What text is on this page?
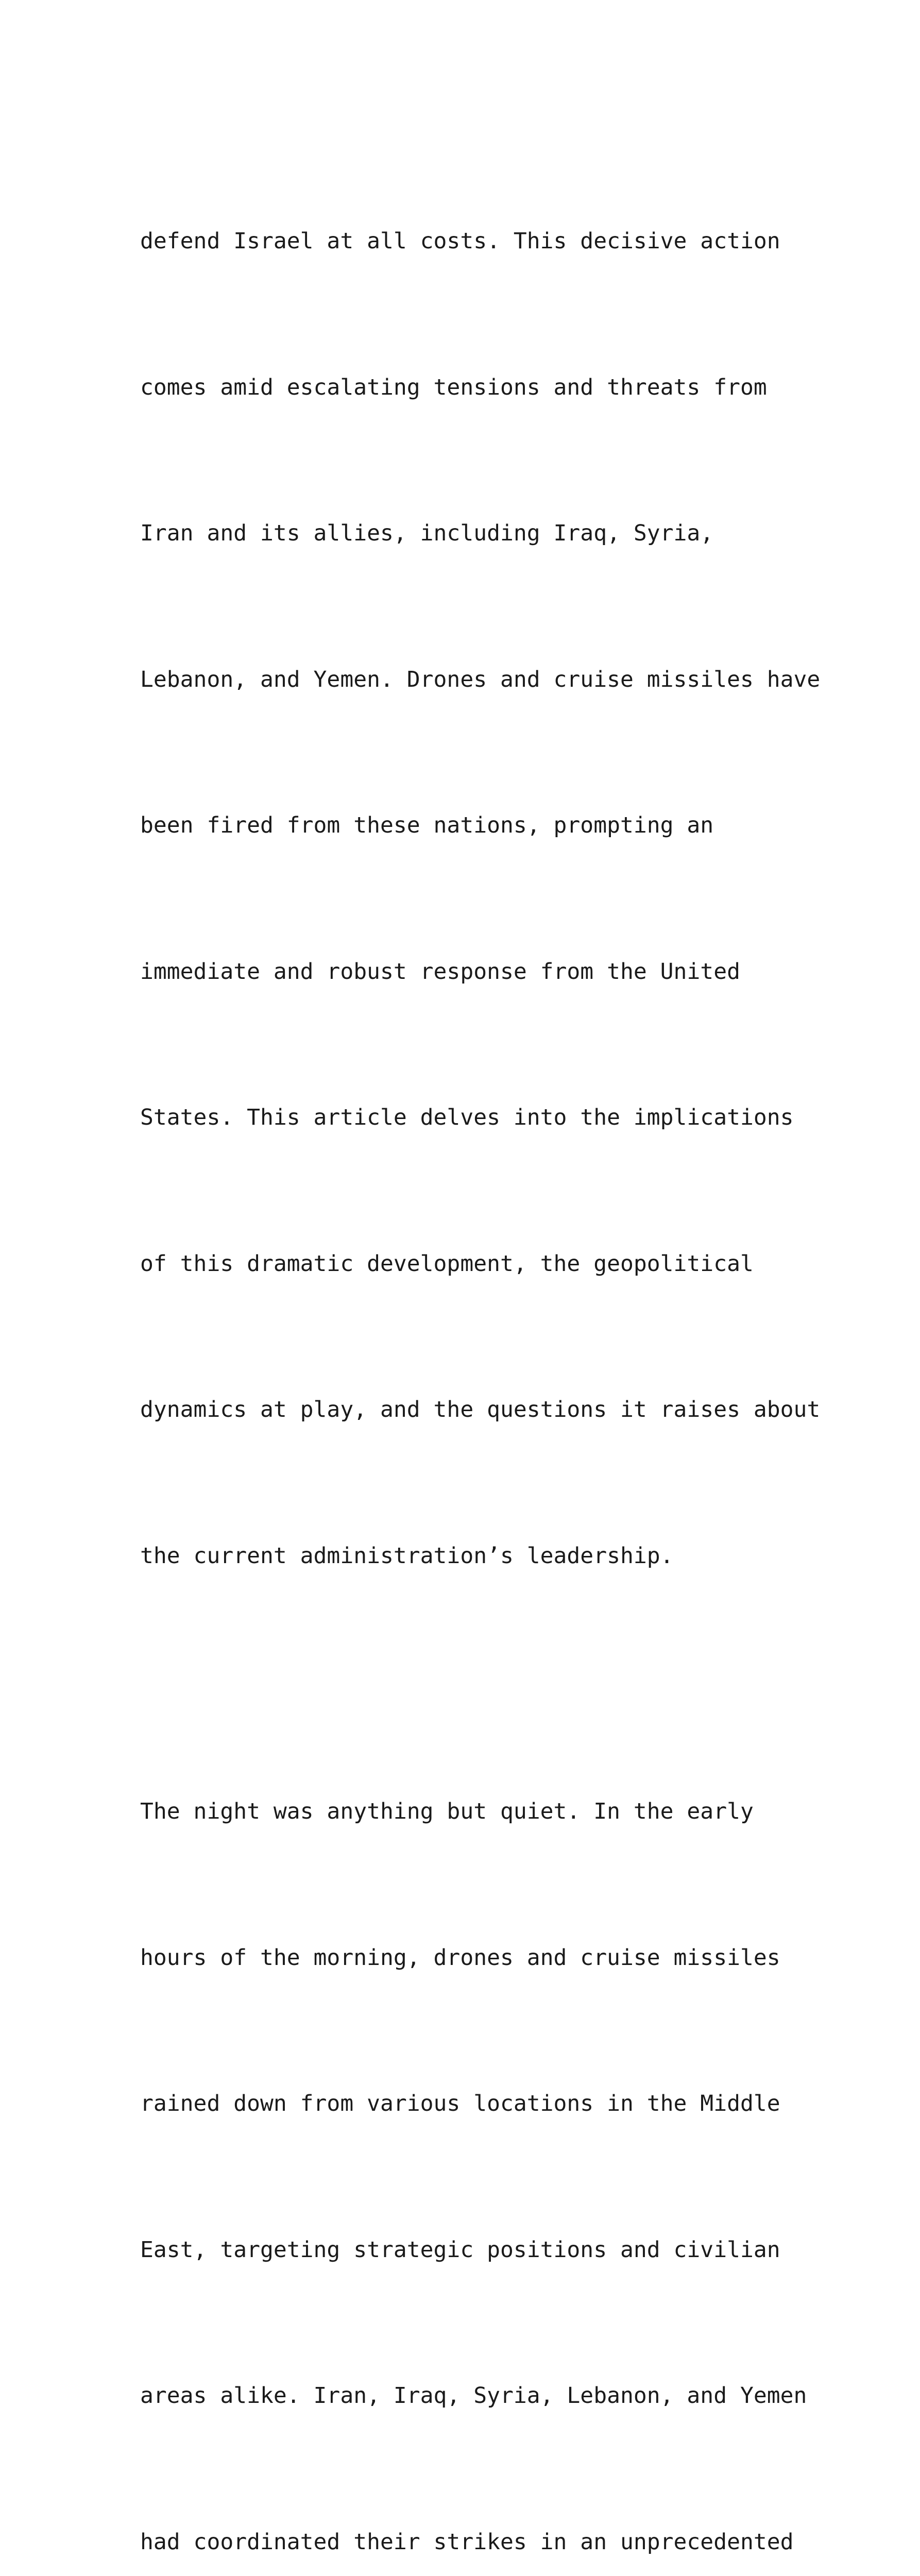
defend Israel at all costs. This decisive action

comes amid escalating tensions and threats from

Iran and its allies, including Iraq, Syria,

Lebanon, and Yemen. Drones and cruise missiles have

been fired from these nations, prompting an

immediate and robust response from the United

States. This article delves into the implications

of this dramatic development, the geopolitical

dynamics at play, and the questions it raises about

the current administration’s leadership.

The night was anything but quiet. In the early

hours of the morning, drones and cruise missiles

rained down from various locations in the Middle

East, targeting strategic positions and civilian

areas alike. Iran, Iraq, Syria, Lebanon, and Yemen

had coordinated their strikes in an unprecedented
